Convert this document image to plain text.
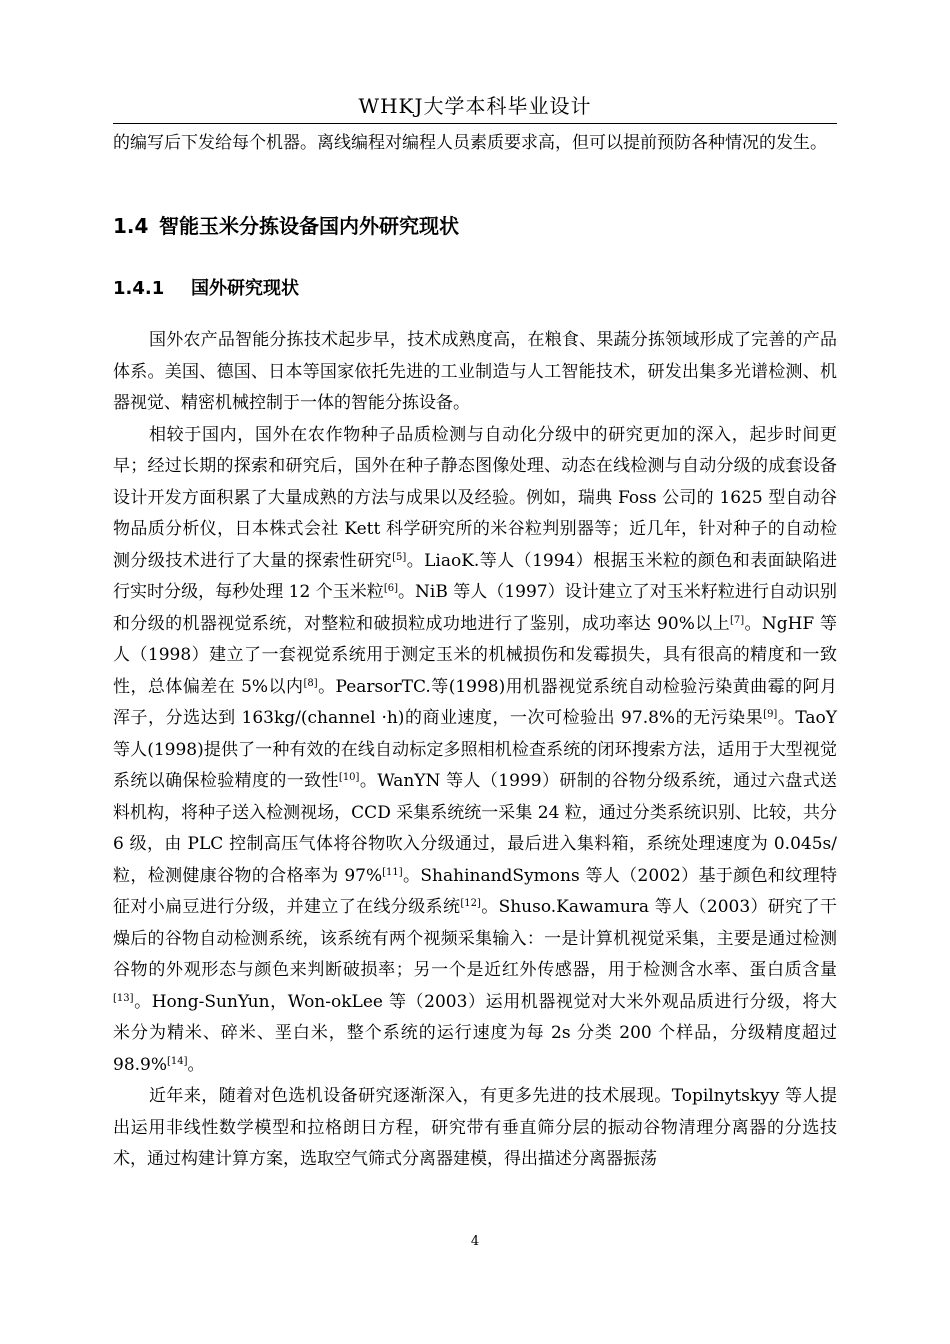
WHKJ大学本科毕业设计

的编写后下发给每个机器。离线编程对编程人员素质要求高，但可以提前预防各种情况的发生。

1.4 智能玉米分拣设备国内外研究现状
1.4.1 国外研究现状

国外农产品智能分拣技术起步早，技术成熟度高，在粮食、果蔬分拣领域形成了完善的产品体系。美国、德国、日本等国家依托先进的工业制造与人工智能技术，研发出集多光谱检测、机器视觉、精密机械控制于一体的智能分拣设备。

相较于国内，国外在农作物种子品质检测与自动化分级中的研究更加的深入，起步时间更早；经过长期的探索和研究后，国外在种子静态图像处理、动态在线检测与自动分级的成套设备设计开发方面积累了大量成熟的方法与成果以及经验。例如，瑞典 Foss 公司的 1625 型自动谷物品质分析仪，日本株式会社 Kett 科学研究所的米谷粒判别器等；近几年，针对种子的自动检测分级技术进行了大量的探索性研究[5]。LiaoK.等人（1994）根据玉米粒的颜色和表面缺陷进行实时分级，每秒处理 12 个玉米粒[6]。NiB 等人（1997）设计建立了对玉米籽粒进行自动识别和分级的机器视觉系统，对整粒和破损粒成功地进行了鉴别，成功率达 90%以上[7]。NgHF 等人（1998）建立了一套视觉系统用于测定玉米的机械损伤和发霉损失，具有很高的精度和一致性，总体偏差在 5%以内[8]。PearsorTC.等(1998)用机器视觉系统自动检验污染黄曲霉的阿月浑子，分选达到 163kg/(channel ·h)的商业速度，一次可检验出 97.8%的无污染果[9]。TaoY 等人(1998)提供了一种有效的在线自动标定多照相机检查系统的闭环搜索方法，适用于大型视觉系统以确保检验精度的一致性[10]。WanYN 等人（1999）研制的谷物分级系统，通过六盘式送料机构，将种子送入检测视场，CCD 采集系统统一采集 24 粒，通过分类系统识别、比较，共分 6 级，由 PLC 控制高压气体将谷物吹入分级通过，最后进入集料箱，系统处理速度为 0.045s/粒，检测健康谷物的合格率为 97%[11]。ShahinandSymons 等人（2002）基于颜色和纹理特征对小扁豆进行分级，并建立了在线分级系统[12]。Shuso.Kawamura 等人（2003）研究了干燥后的谷物自动检测系统，该系统有两个视频采集输入：一是计算机视觉采集，主要是通过检测谷物的外观形态与颜色来判断破损率；另一个是近红外传感器，用于检测含水率、蛋白质含量[13]。Hong-SunYun，Won-okLee 等（2003）运用机器视觉对大米外观品质进行分级，将大米分为精米、碎米、垩白米，整个系统的运行速度为每 2s 分类 200 个样品，分级精度超过 98.9%[14]。

近年来，随着对色选机设备研究逐渐深入，有更多先进的技术展现。Topilnytskyy 等人提出运用非线性数学模型和拉格朗日方程，研究带有垂直筛分层的振动谷物清理分离器的分选技术，通过构建计算方案，选取空气筛式分离器建模，得出描述分离器振荡

4
